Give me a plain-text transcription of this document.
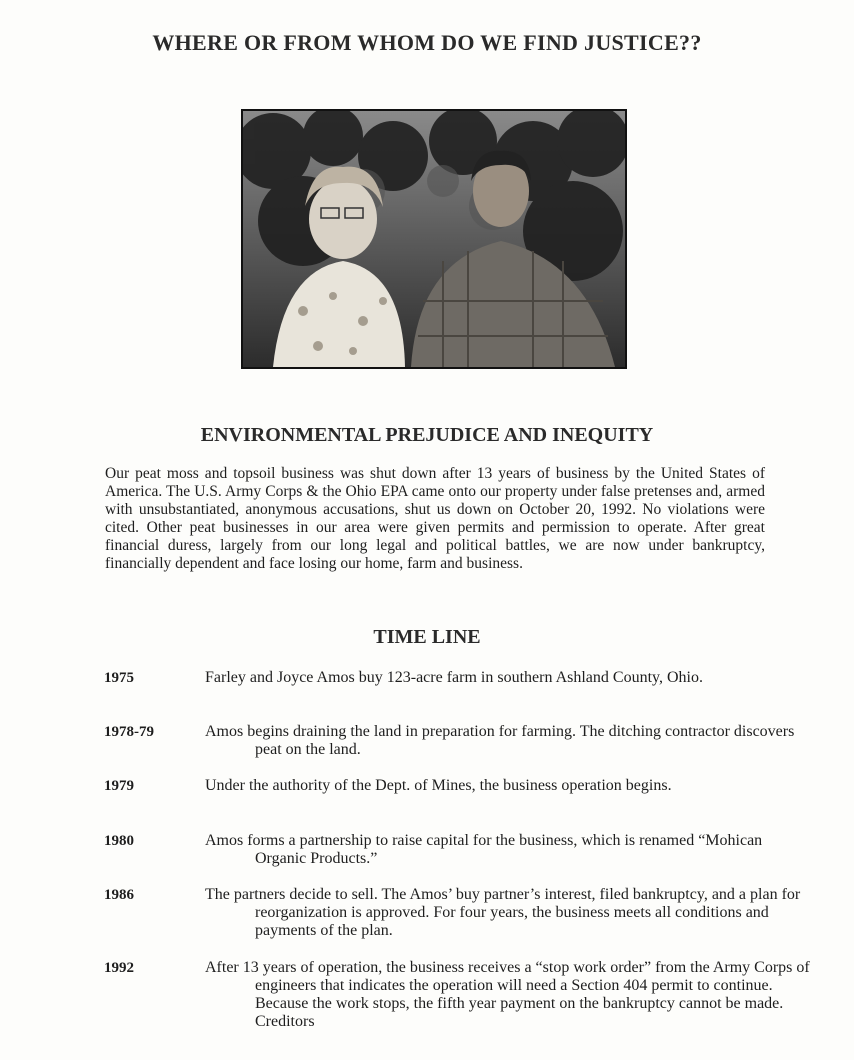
WHERE OR FROM WHOM DO WE FIND JUSTICE??
ENVIRONMENTAL PREJUDICE AND INEQUITY

Our peat moss and topsoil business was shut down after 13 years of business by the United States of America. The U.S. Army Corps & the Ohio EPA came onto our property under false pretenses and, armed with unsubstantiated, anonymous accusations, shut us down on October 20, 1992. No violations were cited. Other peat businesses in our area were given permits and permission to operate. After great financial duress, largely from our long legal and political battles, we are now under bankruptcy, financially dependent and face losing our home, farm and business.

TIME LINE
1975	Farley and Joyce Amos buy 123-acre farm in southern Ashland County, Ohio.

1978-79	Amos begins draining the land in preparation for farming. The ditching contractor discovers peat on the land.

1979	Under the authority of the Dept. of Mines, the business operation begins.

1980	Amos forms a partnership to raise capital for the business, which is renamed “Mohican Organic Products.”

1986	The partners decide to sell. The Amos’ buy partner’s interest, filed bankruptcy, and a plan for reorganization is approved. For four years, the business meets all conditions and payments of the plan.

1992	After 13 years of operation, the business receives a “stop work order” from the Army Corps of engineers that indicates the operation will need a Section 404 permit to continue. Because the work stops, the fifth year payment on the bankruptcy cannot be made. Creditors
